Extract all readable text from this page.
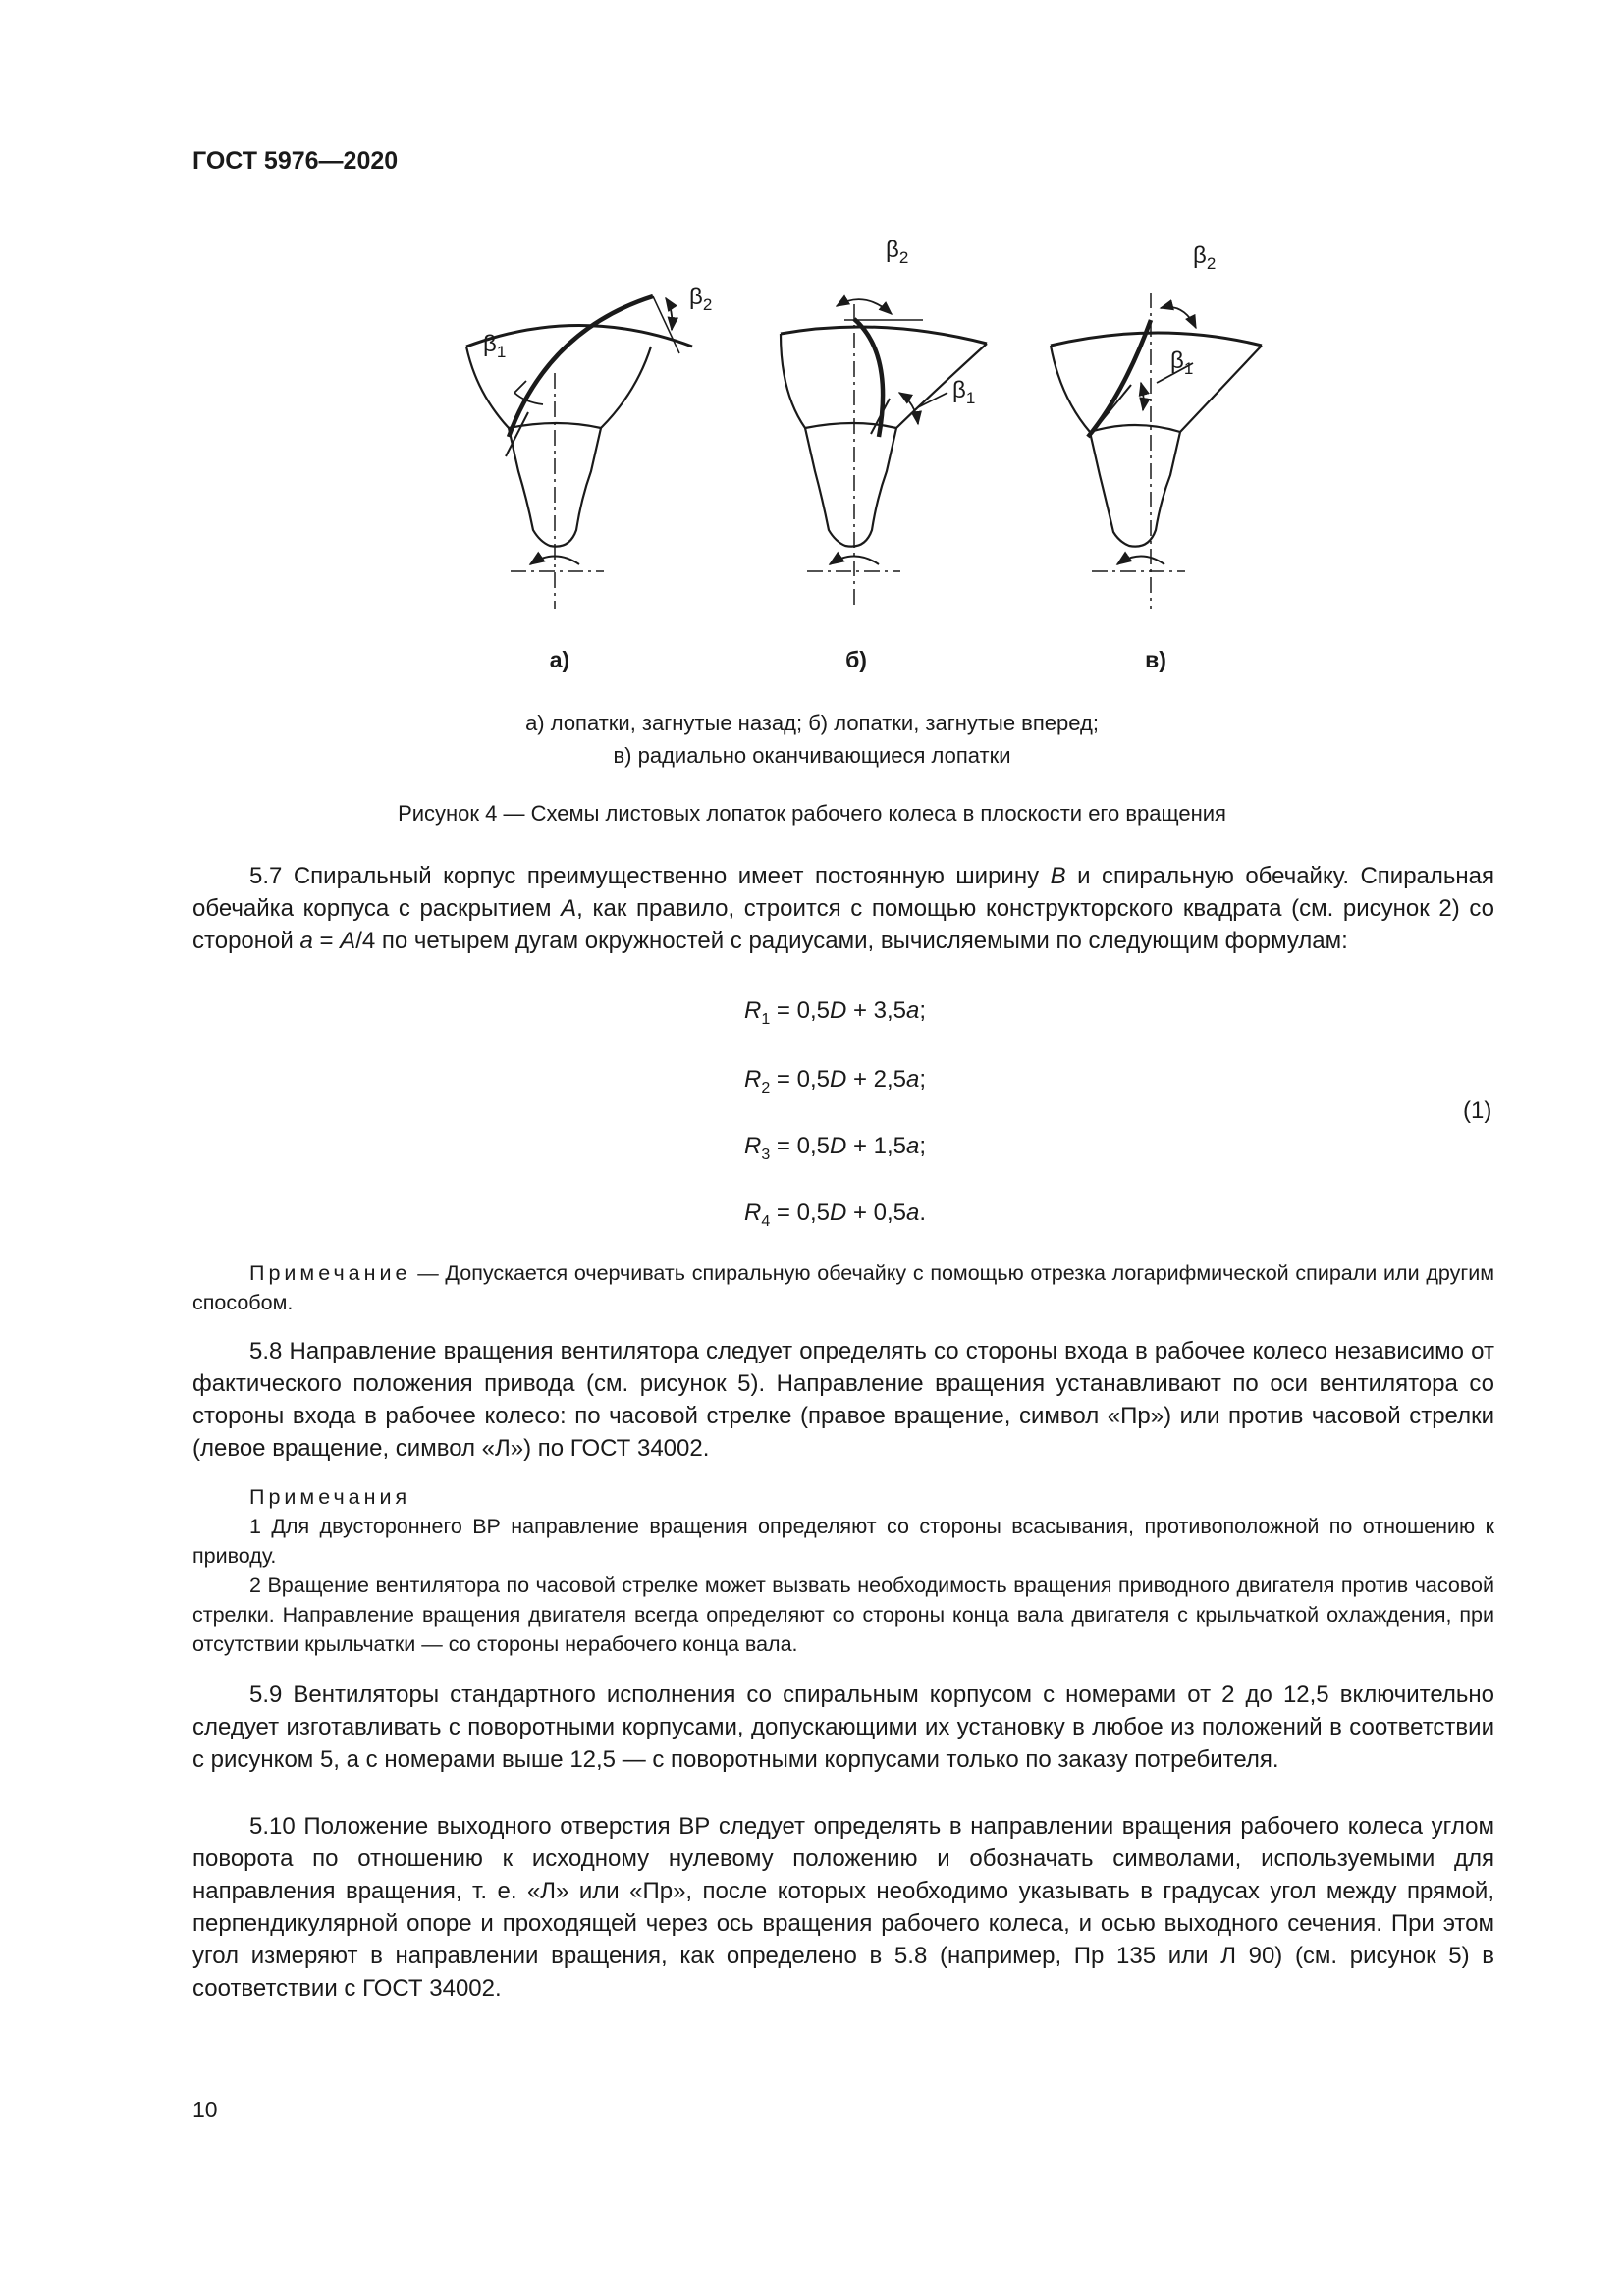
ГОСТ 5976—2020
$\beta_2$
$\beta_1$
а)
$\beta_2$
$\beta_1$
б)
$\beta_2$
$\beta_1$
в)
а) лопатки, загнутые назад; б) лопатки, загнутые вперед;
в) радиально оканчивающиеся лопатки
Рисунок 4 — Схемы листовых лопаток рабочего колеса в плоскости его вращения
5.7 Спиральный корпус преимущественно имеет постоянную ширину B и спиральную обечайку. Спиральная обечайка корпуса с раскрытием A, как правило, строится с помощью конструкторского квадрата (см. рисунок 2) со стороной a = A/4 по четырем дугам окружностей с радиусами, вычисляемыми по следующим формулам:
$R_1 = 0,5D + 3,5a$;
$R_2 = 0,5D + 2,5a$;
$R_3 = 0,5D + 1,5a$;
$R_4 = 0,5D + 0,5a$.
(1)
Примечание — Допускается очерчивать спиральную обечайку с помощью отрезка логарифмической спирали или другим способом.
5.8 Направление вращения вентилятора следует определять со стороны входа в рабочее колесо независимо от фактического положения привода (см. рисунок 5). Направление вращения устанавливают по оси вентилятора со стороны входа в рабочее колесо: по часовой стрелке (правое вращение, символ «Пр») или против часовой стрелки (левое вращение, символ «Л») по ГОСТ 34002.
Примечания
1 Для двустороннего ВР направление вращения определяют со стороны всасывания, противоположной по отношению к приводу.
2 Вращение вентилятора по часовой стрелке может вызвать необходимость вращения приводного двигателя против часовой стрелки. Направление вращения двигателя всегда определяют со стороны конца вала двигателя с крыльчаткой охлаждения, при отсутствии крыльчатки — со стороны нерабочего конца вала.
5.9 Вентиляторы стандартного исполнения со спиральным корпусом с номерами от 2 до 12,5 включительно следует изготавливать с поворотными корпусами, допускающими их установку в любое из положений в соответствии с рисунком 5, а с номерами выше 12,5 — с поворотными корпусами только по заказу потребителя.
5.10 Положение выходного отверстия ВР следует определять в направлении вращения рабочего колеса углом поворота по отношению к исходному нулевому положению и обозначать символами, используемыми для направления вращения, т. е. «Л» или «Пр», после которых необходимо указывать в градусах угол между прямой, перпендикулярной опоре и проходящей через ось вращения рабочего колеса, и осью выходного сечения. При этом угол измеряют в направлении вращения, как определено в 5.8 (например, Пр 135 или Л 90) (см. рисунок 5) в соответствии с ГОСТ 34002.
10
